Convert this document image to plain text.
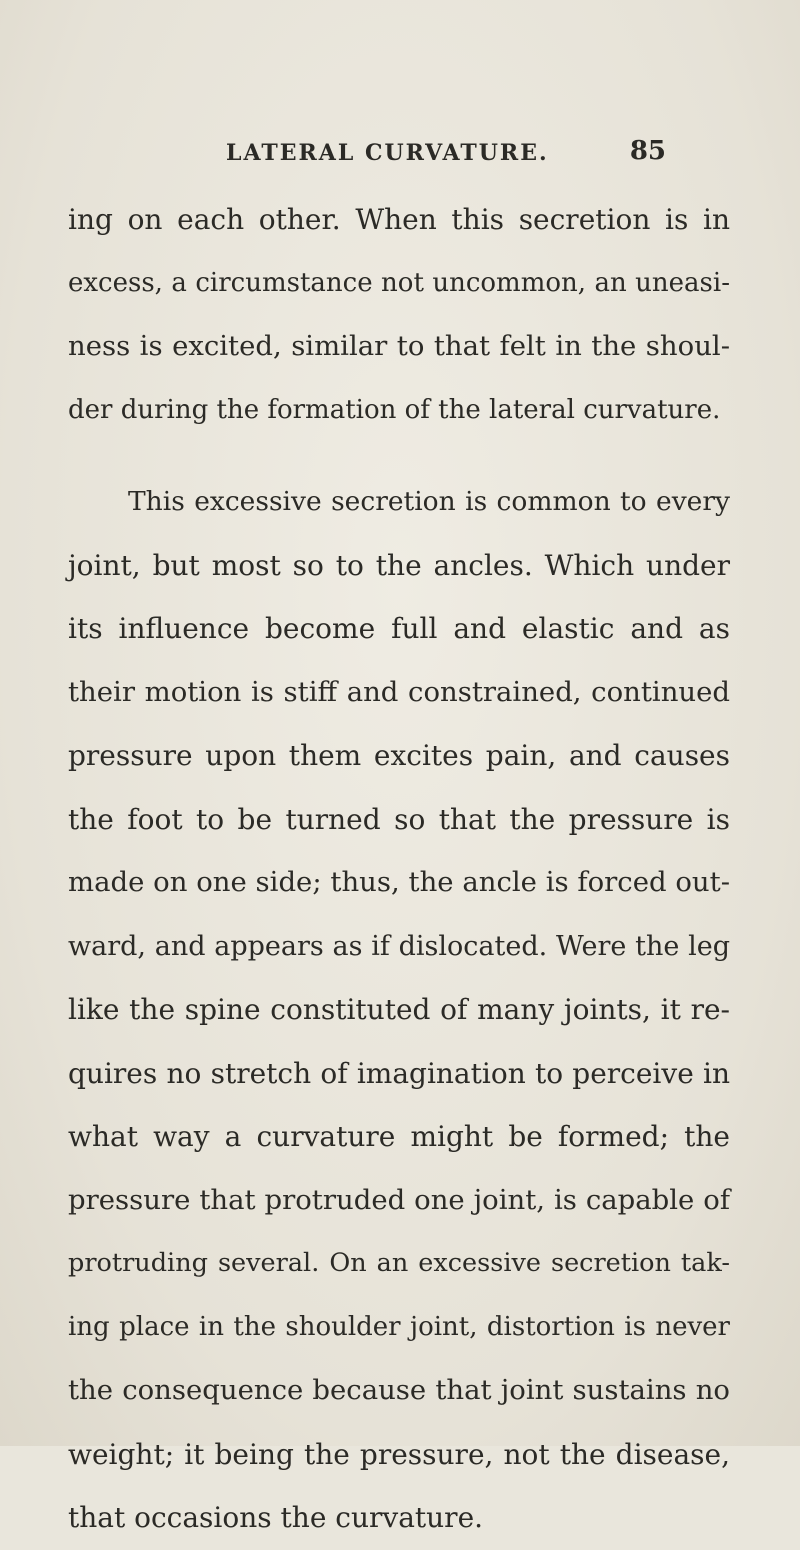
LATERAL CURVATURE.	85
ing on each other. When this secretion is in
excess, a circumstance not uncommon, an uneasi-
ness is excited, similar to that felt in the shoul-
der during the formation of the lateral curvature.
This excessive secretion is common to every
joint, but most so to the ancles. Which under
its influence become full and elastic and as
their motion is stiff and constrained, continued
pressure upon them excites pain, and causes
the foot to be turned so that the pressure is
made on one side; thus, the ancle is forced out-
ward, and appears as if dislocated. Were the leg
like the spine constituted of many joints, it re-
quires no stretch of imagination to perceive in
what way a curvature might be formed; the
pressure that protruded one joint, is capable of
protruding several. On an excessive secretion tak-
ing place in the shoulder joint, distortion is never
the consequence because that joint sustains no
weight; it being the pressure, not the disease,
that occasions the curvature.
